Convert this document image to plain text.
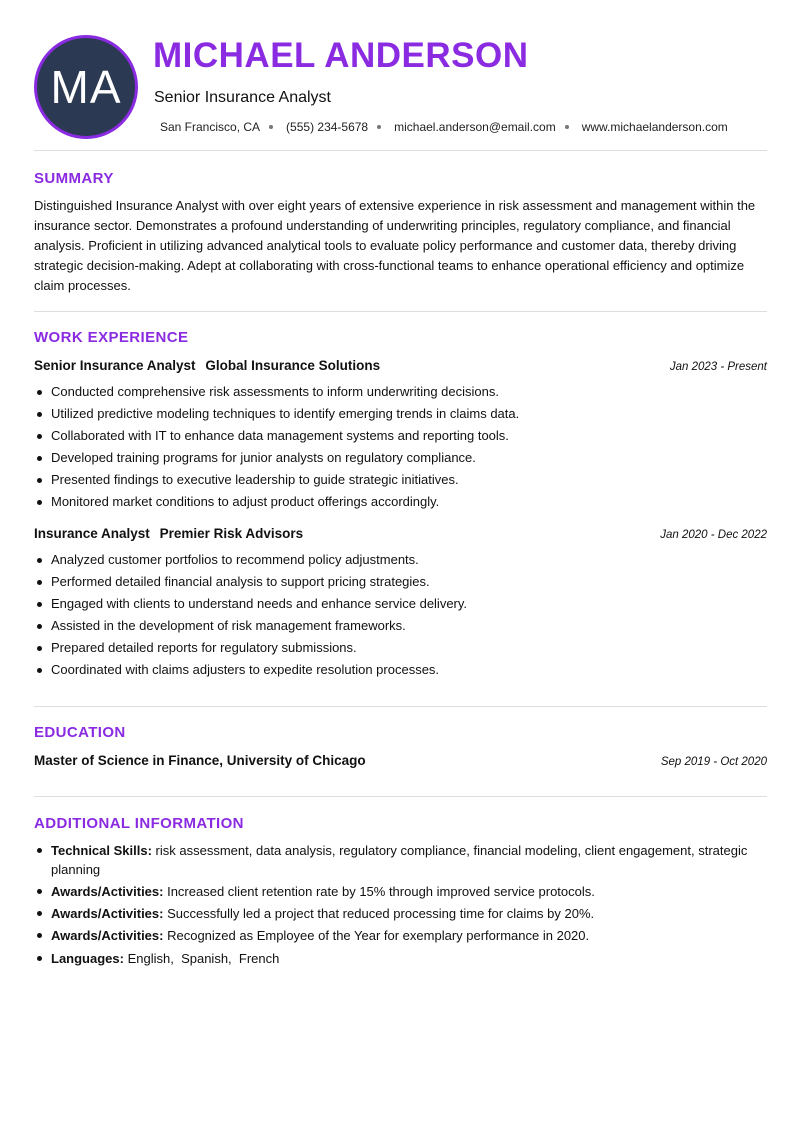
MA
MICHAEL ANDERSON
Senior Insurance Analyst
San Francisco, CA (555) 234-5678 michael.anderson@email.com www.michaelanderson.com
SUMMARY

Distinguished Insurance Analyst with over eight years of extensive experience in risk assessment and management within the insurance sector. Demonstrates a profound understanding of underwriting principles, regulatory compliance, and financial analysis. Proficient in utilizing advanced analytical tools to evaluate policy performance and customer data, thereby driving strategic decision-making. Adept at collaborating with cross-functional teams to enhance operational efficiency and optimize claim processes.

WORK EXPERIENCE
Senior Insurance Analyst Global Insurance Solutions	Jan 2023 - Present
Conducted comprehensive risk assessments to inform underwriting decisions.
Utilized predictive modeling techniques to identify emerging trends in claims data.
Collaborated with IT to enhance data management systems and reporting tools.
Developed training programs for junior analysts on regulatory compliance.
Presented findings to executive leadership to guide strategic initiatives.
Monitored market conditions to adjust product offerings accordingly.
Insurance Analyst Premier Risk Advisors	Jan 2020 - Dec 2022
Analyzed customer portfolios to recommend policy adjustments.
Performed detailed financial analysis to support pricing strategies.
Engaged with clients to understand needs and enhance service delivery.
Assisted in the development of risk management frameworks.
Prepared detailed reports for regulatory submissions.
Coordinated with claims adjusters to expedite resolution processes.
EDUCATION
Master of Science in Finance, University of Chicago	Sep 2019 - Oct 2020
ADDITIONAL INFORMATION
Technical Skills: risk assessment, data analysis, regulatory compliance, financial modeling, client engagement, strategic planning
Awards/Activities: Increased client retention rate by 15% through improved service protocols.
Awards/Activities: Successfully led a project that reduced processing time for claims by 20%.
Awards/Activities: Recognized as Employee of the Year for exemplary performance in 2020.
Languages: English,  Spanish,  French
